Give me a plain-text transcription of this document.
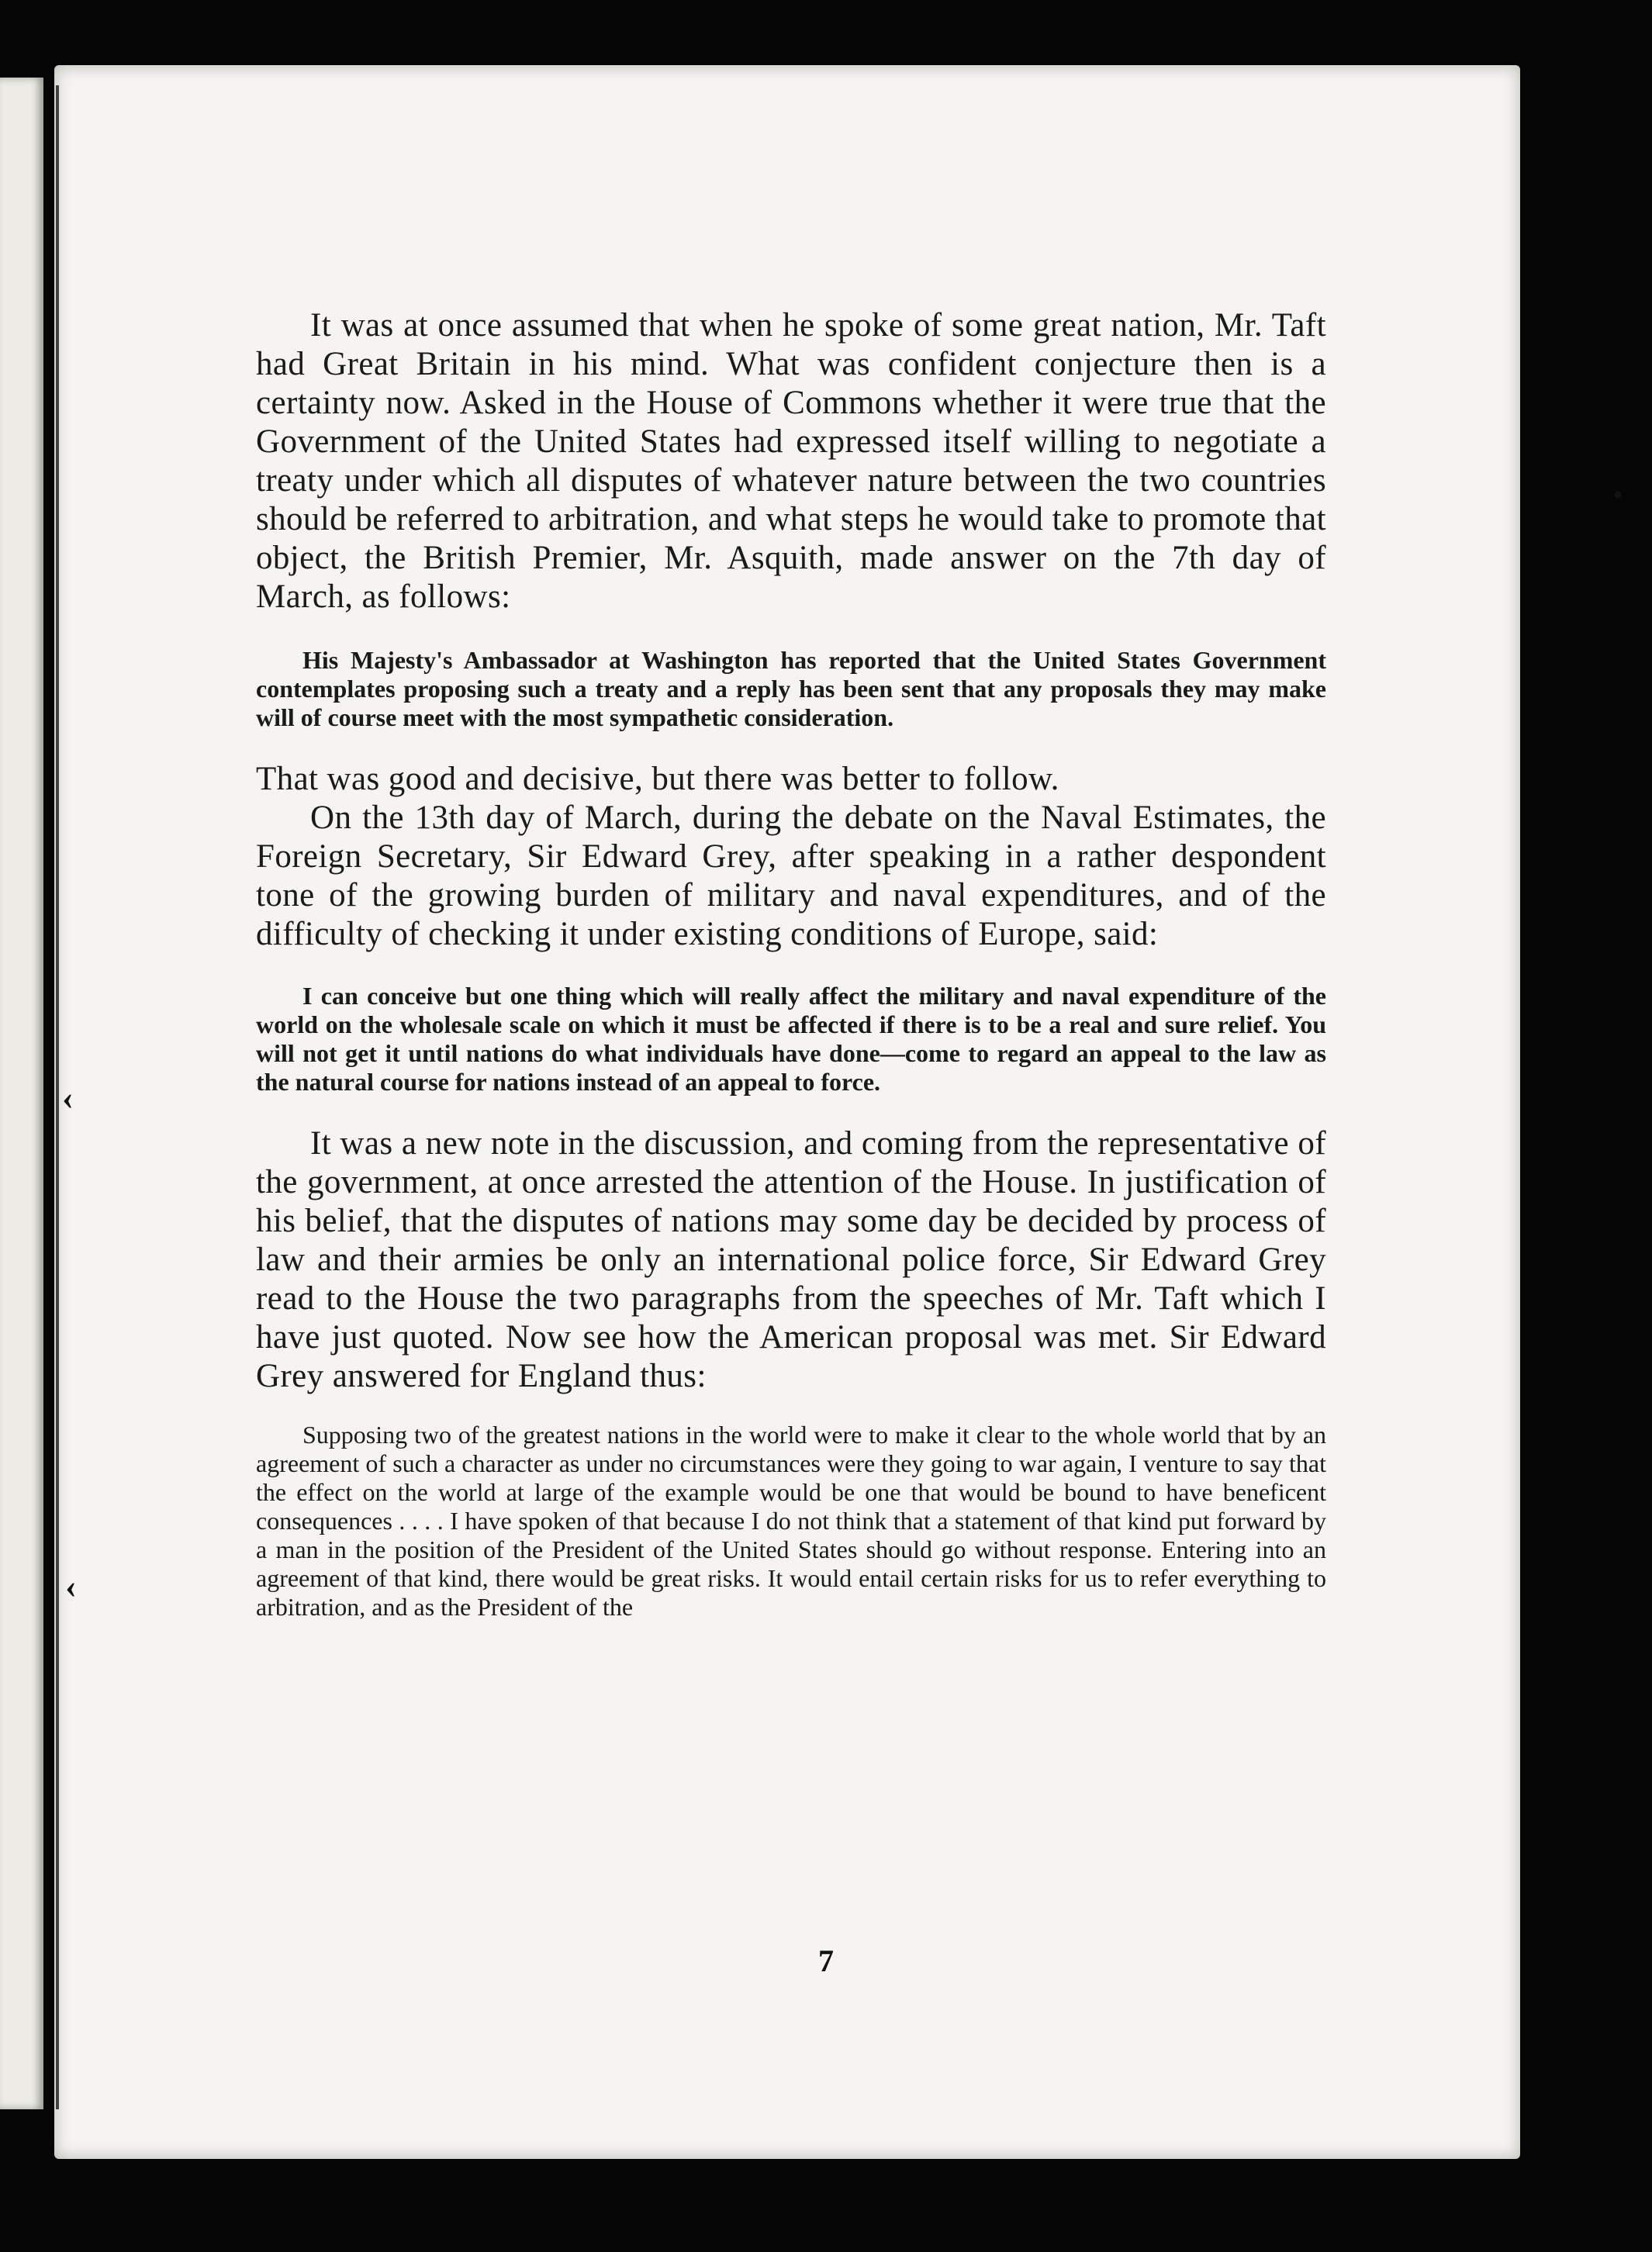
‹
‹
•

It was at once assumed that when he spoke of some great nation, Mr. Taft had Great Britain in his mind. What was confident conjecture then is a certainty now. Asked in the House of Commons whether it were true that the Government of the United States had expressed itself willing to negotiate a treaty under which all disputes of whatever nature between the two countries should be referred to arbitration, and what steps he would take to promote that object, the British Premier, Mr. Asquith, made answer on the 7th day of March, as follows:

His Majesty's Ambassador at Washington has reported that the United States Government contemplates proposing such a treaty and a reply has been sent that any proposals they may make will of course meet with the most sympathetic consideration.

That was good and decisive, but there was better to follow.

On the 13th day of March, during the debate on the Naval Estimates, the Foreign Secretary, Sir Edward Grey, after speaking in a rather despondent tone of the growing burden of military and naval expenditures, and of the difficulty of checking it under existing conditions of Europe, said:

I can conceive but one thing which will really affect the military and naval expenditure of the world on the wholesale scale on which it must be affected if there is to be a real and sure relief. You will not get it until nations do what individuals have done—come to regard an appeal to the law as the natural course for nations instead of an appeal to force.

It was a new note in the discussion, and coming from the representative of the government, at once arrested the attention of the House. In justification of his belief, that the disputes of nations may some day be decided by process of law and their armies be only an international police force, Sir Edward Grey read to the House the two paragraphs from the speeches of Mr. Taft which I have just quoted. Now see how the American proposal was met. Sir Edward Grey answered for England thus:

Supposing two of the greatest nations in the world were to make it clear to the whole world that by an agreement of such a character as under no circumstances were they going to war again, I venture to say that the effect on the world at large of the example would be one that would be bound to have beneficent consequences . . . . I have spoken of that because I do not think that a statement of that kind put forward by a man in the position of the President of the United States should go without response. Entering into an agreement of that kind, there would be great risks. It would entail certain risks for us to refer everything to arbitration, and as the President of the

7
